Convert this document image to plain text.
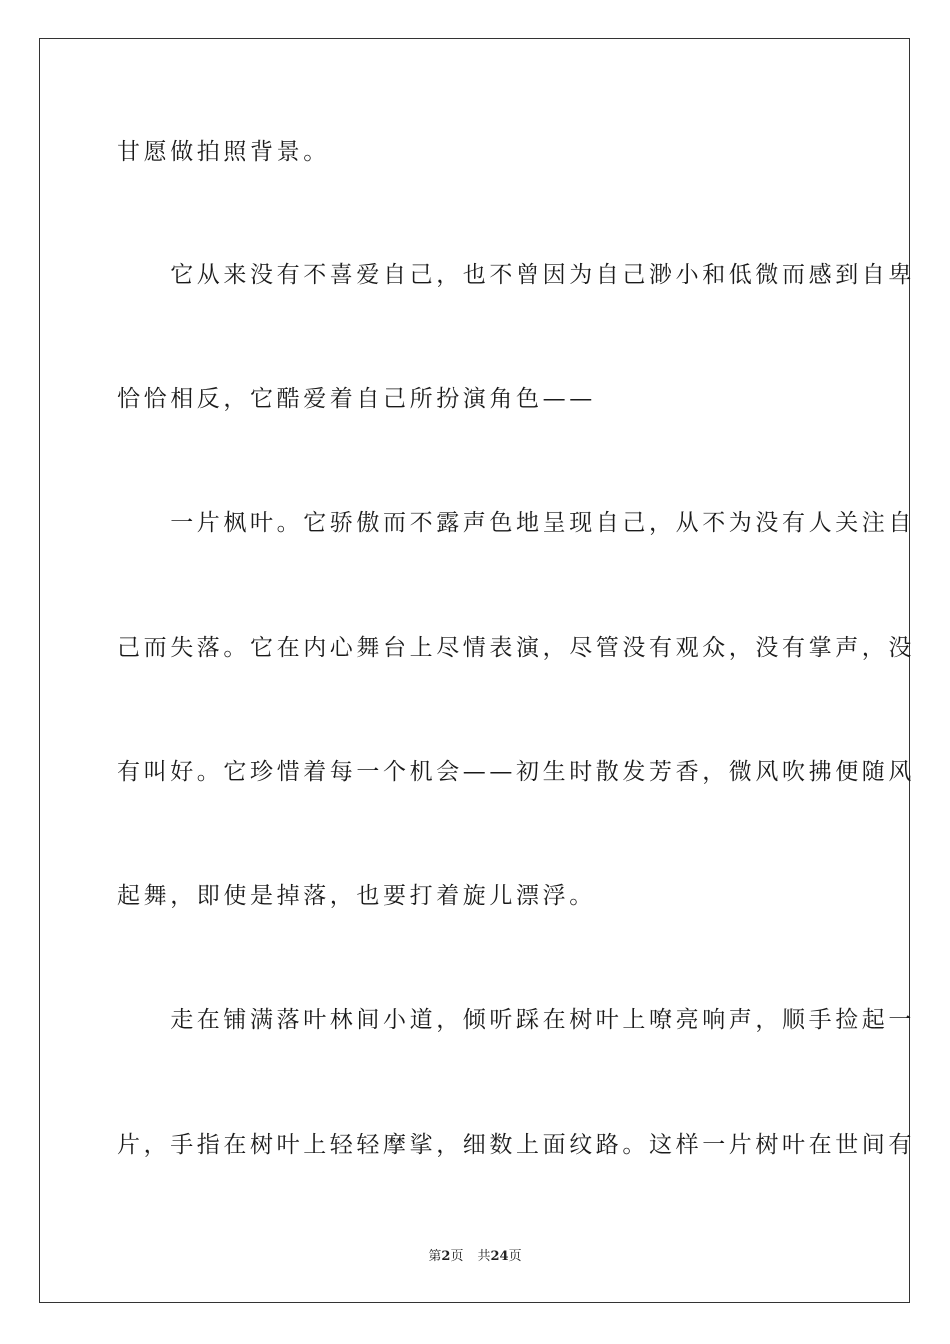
甘愿做拍照背景。
　　它从来没有不喜爱自己，也不曾因为自己渺小和低微而感到自卑
恰恰相反，它酷爱着自己所扮演角色——
　　一片枫叶。它骄傲而不露声色地呈现自己，从不为没有人关注自
己而失落。它在内心舞台上尽情表演，尽管没有观众，没有掌声，没
有叫好。它珍惜着每一个机会——初生时散发芳香，微风吹拂便随风
起舞，即使是掉落，也要打着旋儿漂浮。
　　走在铺满落叶林间小道，倾听踩在树叶上嘹亮响声，顺手捡起一
片，手指在树叶上轻轻摩挲，细数上面纹路。这样一片树叶在世间有
第2页 共24页
